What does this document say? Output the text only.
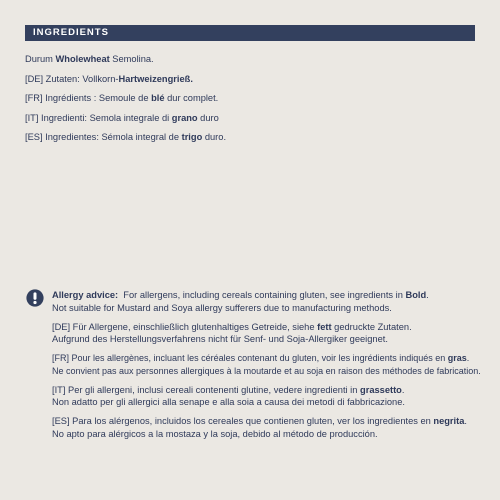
INGREDIENTS

Durum Wholewheat Semolina.

[DE] Zutaten: Vollkorn-Hartweizengrieß.

[FR] Ingrédients : Semoule de blé dur complet.

[IT] Ingredienti: Semola integrale di grano duro

[ES] Ingredientes: Sémola integral de trigo duro.

Allergy advice:  For allergens, including cereals containing gluten, see ingredients in Bold.
Not suitable for Mustard and Soya allergy sufferers due to manufacturing methods.

[DE] Für Allergene, einschließlich glutenhaltiges Getreide, siehe fett gedruckte Zutaten.
Aufgrund des Herstellungsverfahrens nicht für Senf- und Soja-Allergiker geeignet.

[FR] Pour les allergènes, incluant les céréales contenant du gluten, voir les ingrédients indiqués en gras.
Ne convient pas aux personnes allergiques à la moutarde et au soja en raison des méthodes de fabrication.

[IT] Per gli allergeni, inclusi cereali contenenti glutine, vedere ingredienti in grassetto.
Non adatto per gli allergici alla senape e alla soia a causa dei metodi di fabbricazione.

[ES] Para los alérgenos, incluidos los cereales que contienen gluten, ver los ingredientes en negrita.
No apto para alérgicos a la mostaza y la soja, debido al método de producción.
